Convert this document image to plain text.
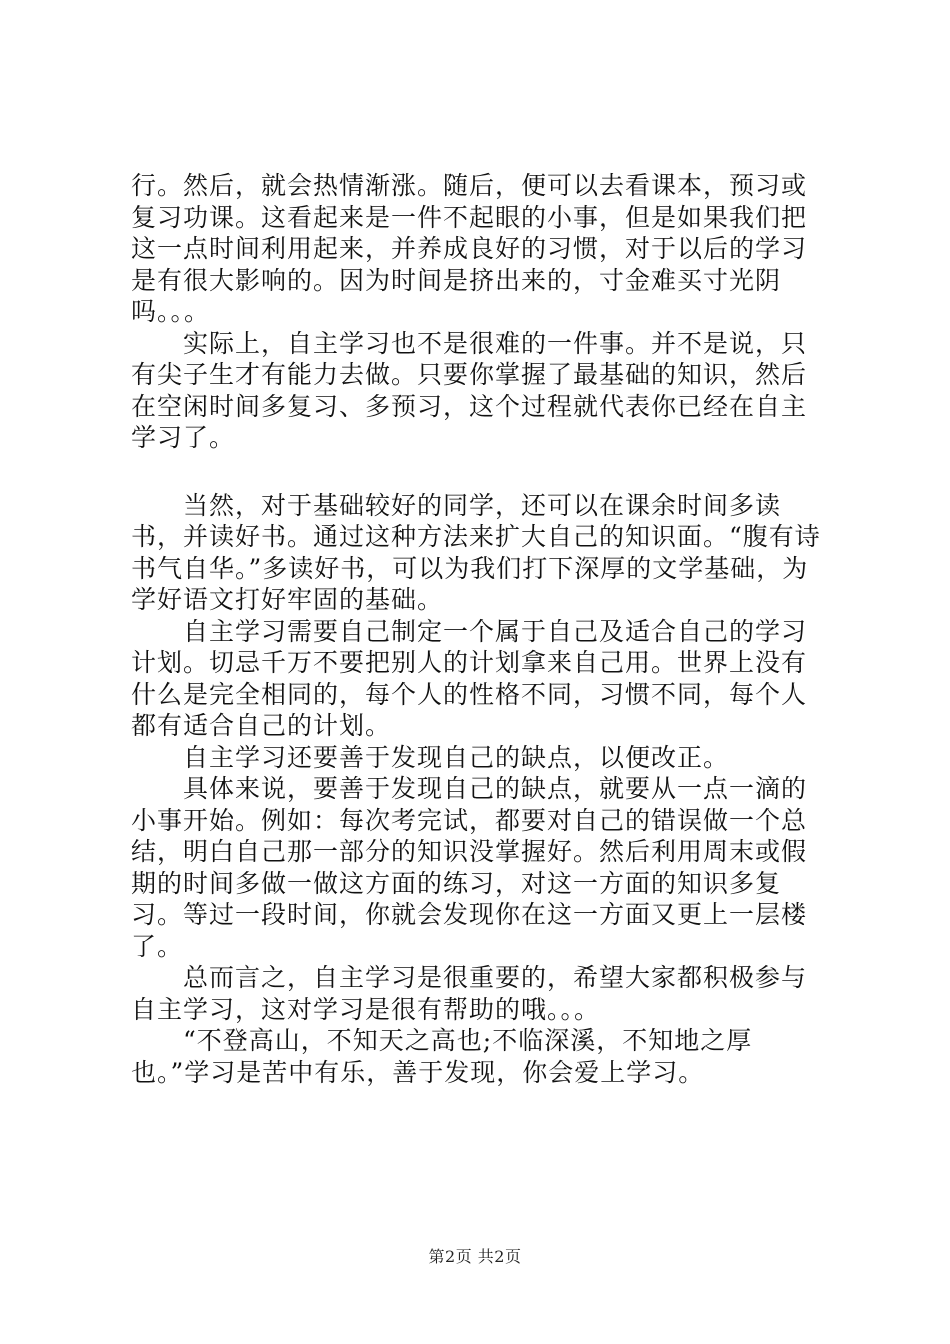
行。然后，就会热情渐涨。随后，便可以去看课本，预习或复习功课。这看起来是一件不起眼的小事，但是如果我们把这一点时间利用起来，并养成良好的习惯，对于以后的学习是有很大影响的。因为时间是挤出来的，寸金难买寸光阴吗。。。

实际上，自主学习也不是很难的一件事。并不是说，只有尖子生才有能力去做。只要你掌握了最基础的知识，然后在空闲时间多复习、多预习，这个过程就代表你已经在自主学习了。

当然，对于基础较好的同学，还可以在课余时间多读书，并读好书。通过这种方法来扩大自己的知识面。“腹有诗书气自华。”多读好书，可以为我们打下深厚的文学基础，为学好语文打好牢固的基础。

自主学习需要自己制定一个属于自己及适合自己的学习计划。切忌千万不要把别人的计划拿来自己用。世界上没有什么是完全相同的，每个人的性格不同，习惯不同，每个人都有适合自己的计划。

自主学习还要善于发现自己的缺点，以便改正。

具体来说，要善于发现自己的缺点，就要从一点一滴的小事开始。例如：每次考完试，都要对自己的错误做一个总结，明白自己那一部分的知识没掌握好。然后利用周末或假期的时间多做一做这方面的练习，对这一方面的知识多复习。等过一段时间，你就会发现你在这一方面又更上一层楼了。

总而言之，自主学习是很重要的，希望大家都积极参与自主学习，这对学习是很有帮助的哦。。。

“不登高山，不知天之高也;不临深溪，不知地之厚也。”学习是苦中有乐，善于发现，你会爱上学习。

第2页 共2页
